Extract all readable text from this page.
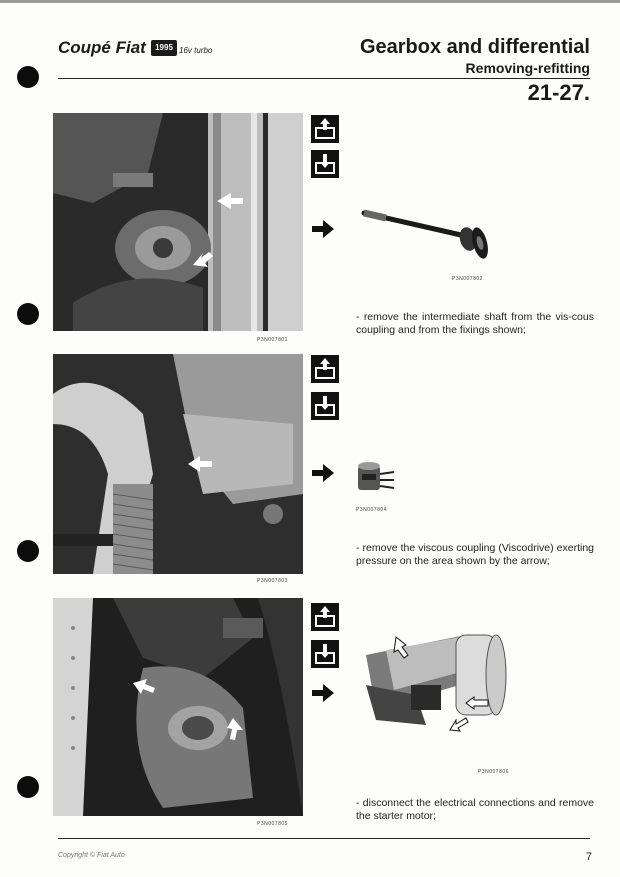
Coupé Fiat	1995 16v turbo	Gearbox and differential
Removing-refitting
21-27.
P3N007801
P3N007802
- remove the intermediate shaft from the vis-cous coupling and from the fixings shown;
P3N007803
P3N007804
- remove the viscous coupling (Viscodrive) exerting pressure on the area shown by the arrow;
P3N007805
P3N007806
- disconnect the electrical connections and remove the starter motor;
Copyright © Fiat Auto	7
